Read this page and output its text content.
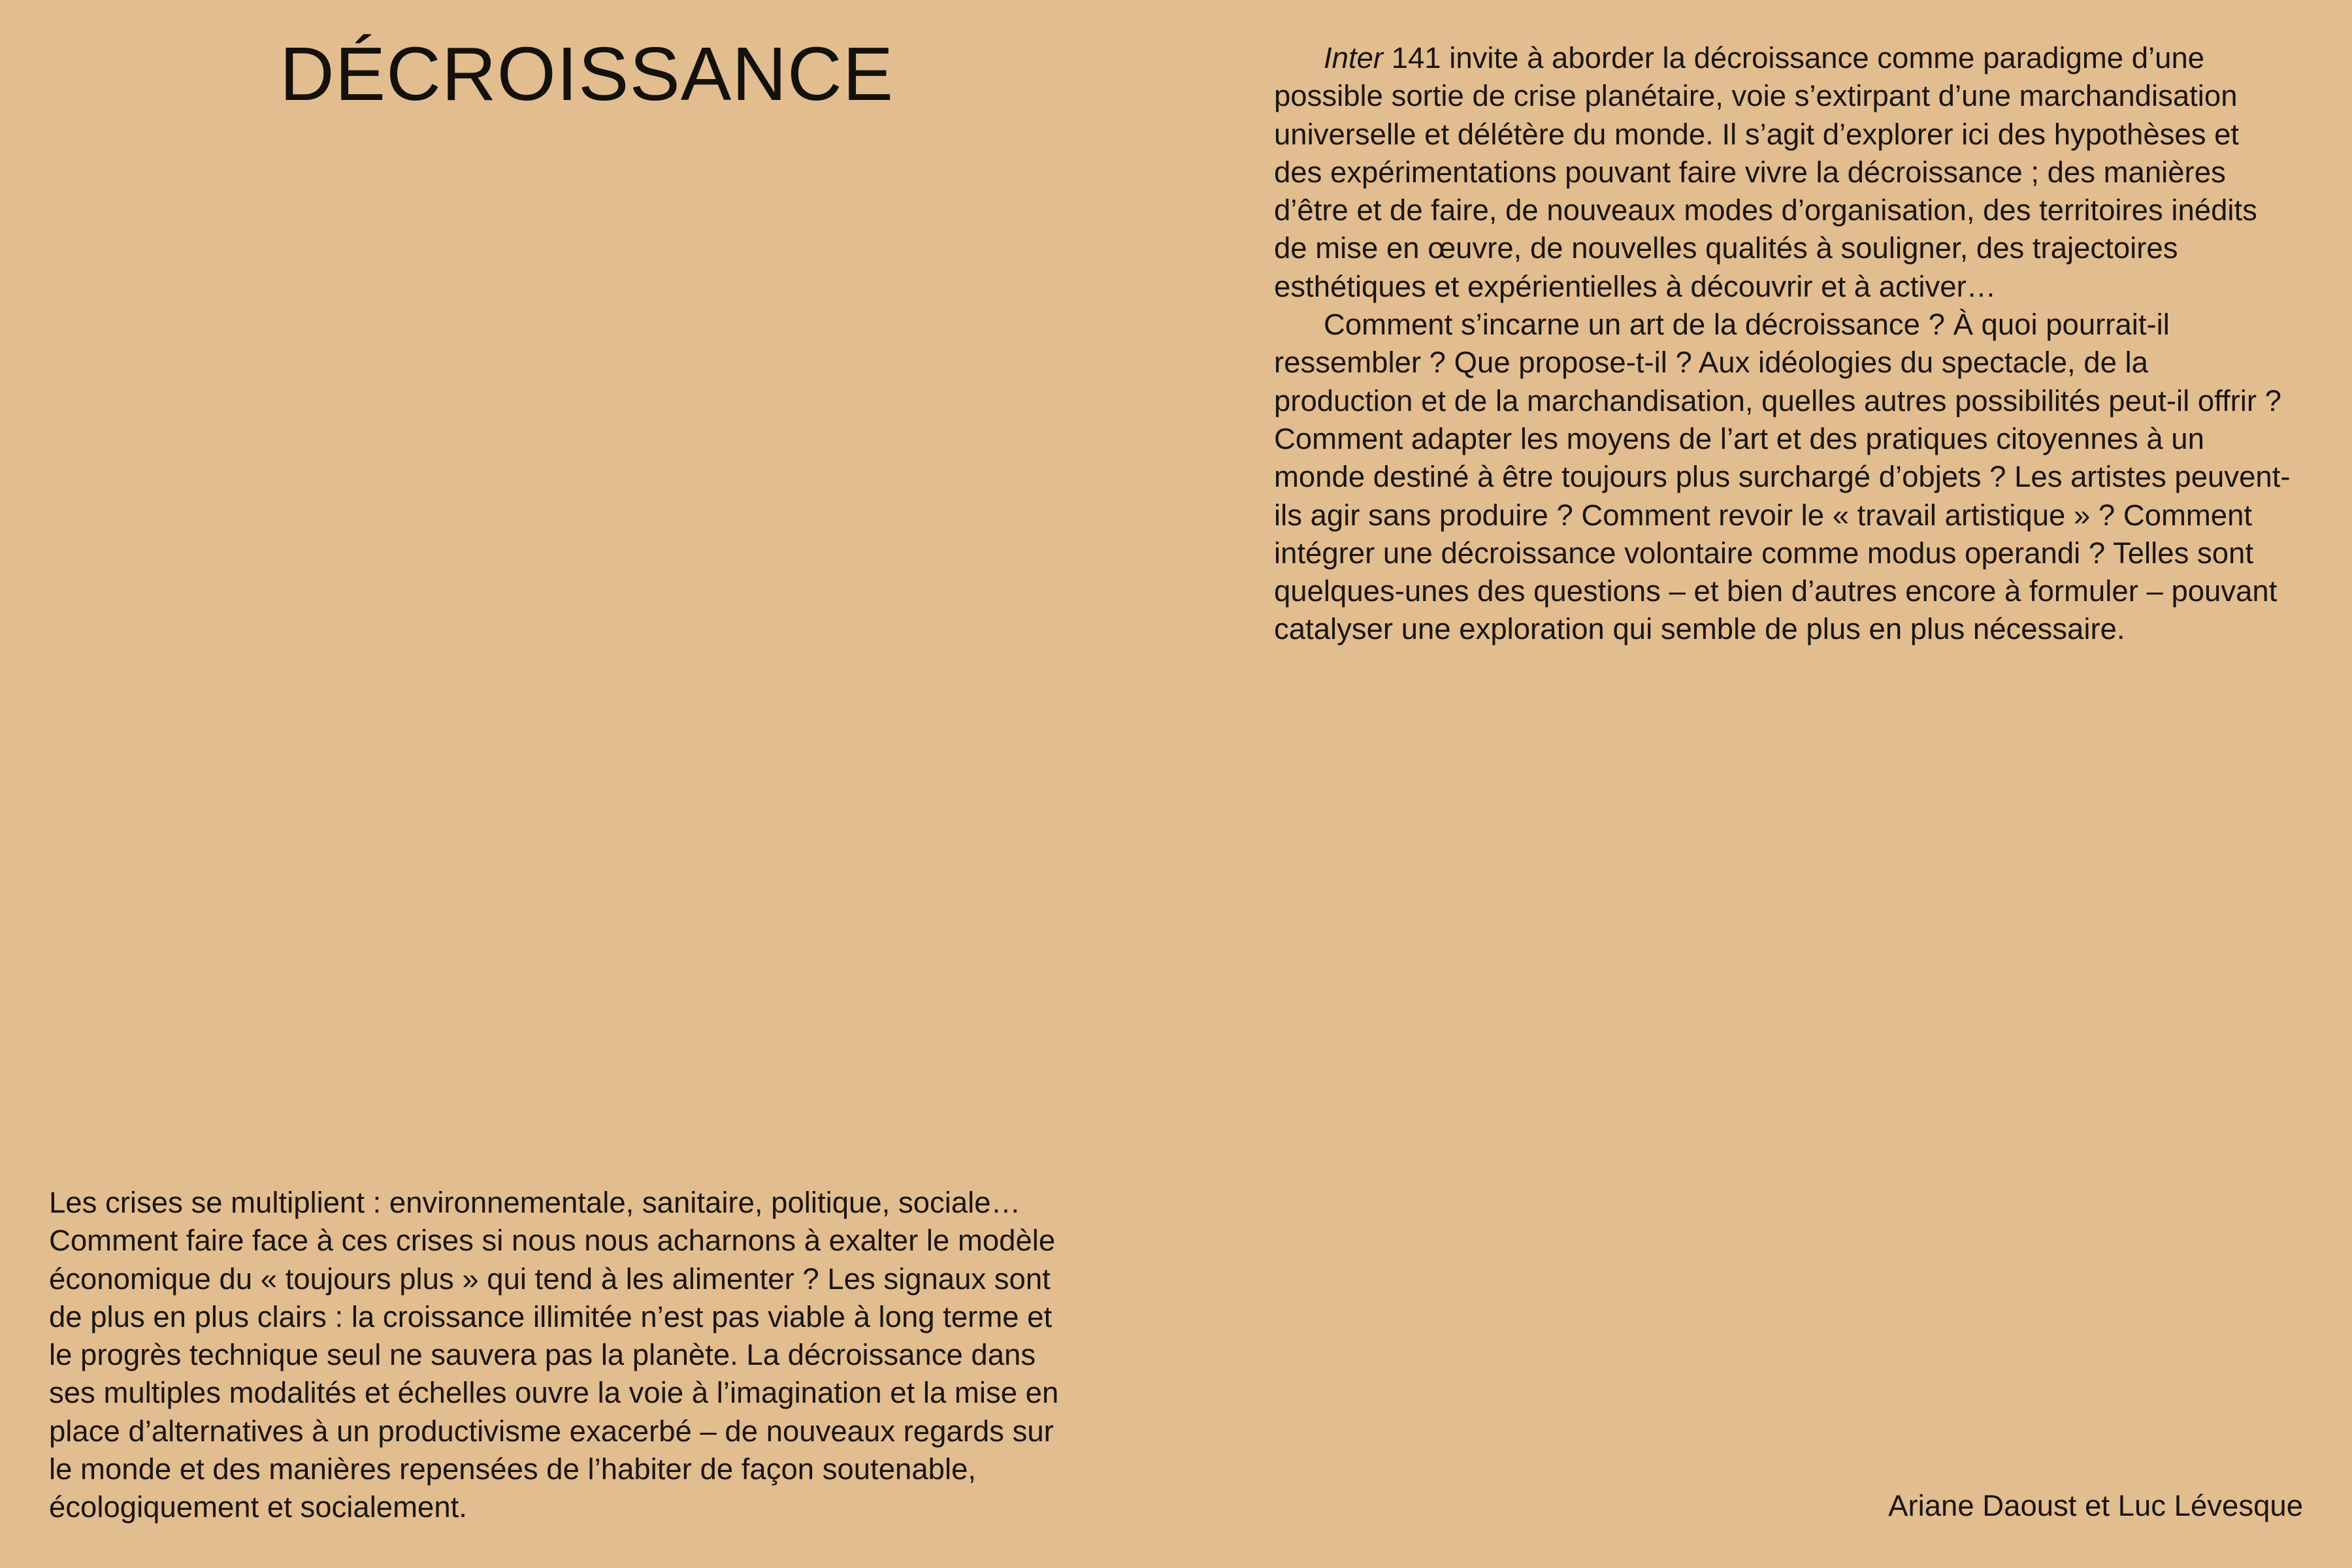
DÉCROISSANCE	Inter 141 invite à aborder la décroissance comme paradigme d’une possible sortie de crise planétaire, voie s’extirpant d’une marchandisation universelle et délétère du monde. Il s’agit d’explorer ici des hypothèses et des expérimentations pouvant faire vivre la décroissance ; des manières d’être et de faire, de nouveaux modes d’organisation, des territoires inédits de mise en œuvre, de nouvelles qualités à souligner, des trajectoires esthétiques et expérientielles à découvrir et à activer…

Comment s’incarne un art de la décroissance ? À quoi pourrait-il ressembler ? Que propose-t-il ? Aux idéologies du spectacle, de la production et de la marchandisation, quelles autres possibilités peut-il offrir ? Comment adapter les moyens de l’art et des pratiques citoyennes à un monde destiné à être toujours plus surchargé d’objets ? Les artistes peuvent-ils agir sans produire ? Comment revoir le « travail artistique » ? Comment intégrer une décroissance volontaire comme modus operandi ? Telles sont quelques-unes des questions – et bien d’autres encore à formuler – pouvant catalyser une exploration qui semble de plus en plus nécessaire.

Les crises se multiplient : environnementale, sanitaire, politique, sociale… Comment faire face à ces crises si nous nous acharnons à exalter le modèle économique du « toujours plus » qui tend à les alimenter ? Les signaux sont de plus en plus clairs : la croissance illimitée n’est pas viable à long terme et le progrès technique seul ne sauvera pas la planète. La décroissance dans ses multiples modalités et échelles ouvre la voie à l’imagination et la mise en place d’alternatives à un productivisme exacerbé – de nouveaux regards sur le monde et des manières repensées de l’habiter de façon soutenable, écologiquement et socialement.	Ariane Daoust et Luc Lévesque
